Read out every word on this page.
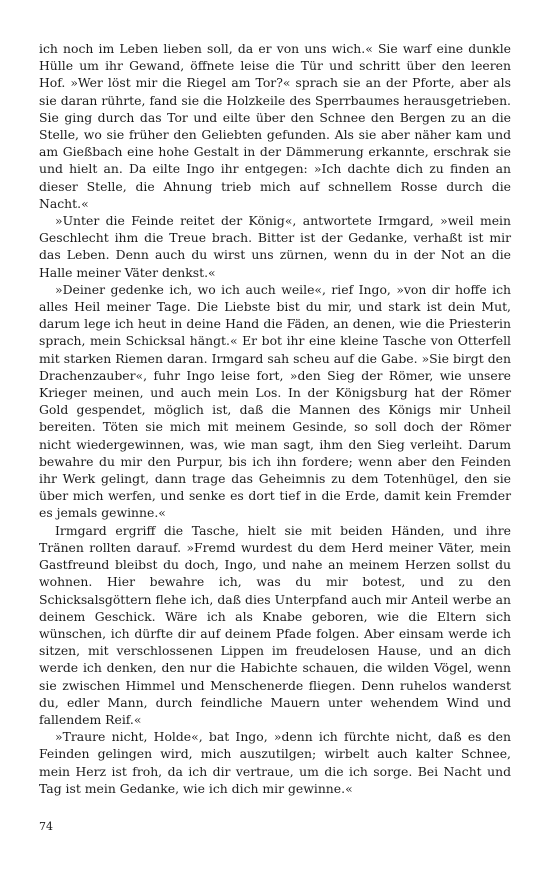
ich noch im Leben lieben soll, da er von uns wich.« Sie warf eine dunkle Hülle um ihr Gewand, öffnete leise die Tür und schritt über den leeren Hof. »Wer löst mir die Riegel am Tor?« sprach sie an der Pforte, aber als sie daran rührte, fand sie die Holzkeile des Sperrbaumes herausgetrieben. Sie ging durch das Tor und eilte über den Schnee den Bergen zu an die Stelle, wo sie früher den Geliebten gefunden. Als sie aber näher kam und am Gießbach eine hohe Gestalt in der Dämmerung erkannte, erschrak sie und hielt an. Da eilte Ingo ihr entgegen: »Ich dachte dich zu finden an dieser Stelle, die Ahnung trieb mich auf schnellem Rosse durch die Nacht.«

»Unter die Feinde reitet der König«, antwortete Irmgard, »weil mein Geschlecht ihm die Treue brach. Bitter ist der Gedanke, verhaßt ist mir das Leben. Denn auch du wirst uns zürnen, wenn du in der Not an die Halle meiner Väter denkst.«

»Deiner gedenke ich, wo ich auch weile«, rief Ingo, »von dir hoffe ich alles Heil meiner Tage. Die Liebste bist du mir, und stark ist dein Mut, darum lege ich heut in deine Hand die Fäden, an denen, wie die Priesterin sprach, mein Schicksal hängt.« Er bot ihr eine kleine Tasche von Otterfell mit starken Riemen daran. Irmgard sah scheu auf die Gabe. »Sie birgt den Drachenzauber«, fuhr Ingo leise fort, »den Sieg der Römer, wie unsere Krieger meinen, und auch mein Los. In der Königsburg hat der Römer Gold gespendet, möglich ist, daß die Mannen des Königs mir Unheil bereiten. Töten sie mich mit meinem Gesinde, so soll doch der Römer nicht wiedergewinnen, was, wie man sagt, ihm den Sieg verleiht. Darum bewahre du mir den Purpur, bis ich ihn fordere; wenn aber den Feinden ihr Werk gelingt, dann trage das Geheimnis zu dem Totenhügel, den sie über mich werfen, und senke es dort tief in die Erde, damit kein Fremder es jemals gewinne.«

Irmgard ergriff die Tasche, hielt sie mit beiden Händen, und ihre Tränen rollten darauf. »Fremd wurdest du dem Herd meiner Väter, mein Gastfreund bleibst du doch, Ingo, und nahe an meinem Herzen sollst du wohnen. Hier bewahre ich, was du mir botest, und zu den Schicksalsgöttern flehe ich, daß dies Unterpfand auch mir Anteil werbe an deinem Geschick. Wäre ich als Knabe geboren, wie die Eltern sich wünschen, ich dürfte dir auf deinem Pfade folgen. Aber einsam werde ich sitzen, mit verschlossenen Lippen im freudelosen Hause, und an dich werde ich denken, den nur die Habichte schauen, die wilden Vögel, wenn sie zwischen Himmel und Menschenerde fliegen. Denn ruhelos wanderst du, edler Mann, durch feindliche Mauern unter wehendem Wind und fallendem Reif.«

»Traure nicht, Holde«, bat Ingo, »denn ich fürchte nicht, daß es den Feinden gelingen wird, mich auszutilgen; wirbelt auch kalter Schnee, mein Herz ist froh, da ich dir vertraue, um die ich sorge. Bei Nacht und Tag ist mein Gedanke, wie ich dich mir gewinne.«

74
